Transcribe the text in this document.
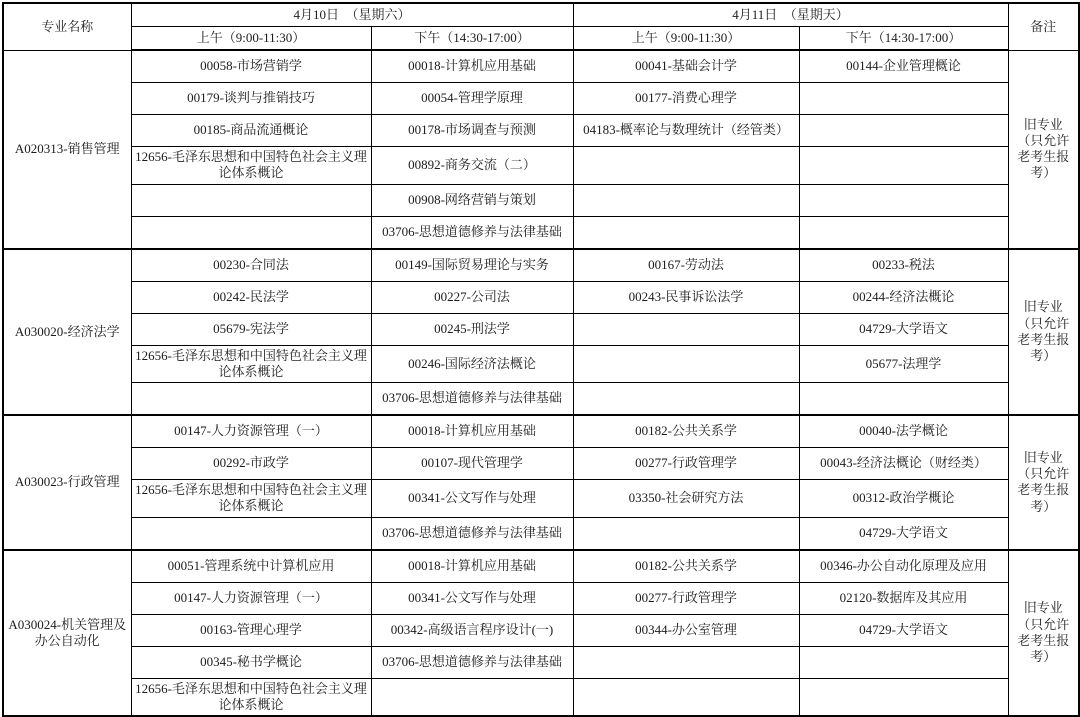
专业名称	4月10日　（星期六）		4月11日　（星期天）		备注
	上午（9:00-11:30）	下午（14:30-17:00）	上午（9:00-11:30）	下午（14:30-17:00）	
A020313-销售管理	00058-市场营销学	00018-计算机应用基础	00041-基础会计学	00144-企业管理概论	旧专业（只允许老考生报考）
	00179-谈判与推销技巧	00054-管理学原理	00177-消费心理学		
	00185-商品流通概论	00178-市场调查与预测	04183-概率论与数理统计（经管类）		
	12656-毛泽东思想和中国特色社会主义理论体系概论	00892-商务交流（二）			
		00908-网络营销与策划			
		03706-思想道德修养与法律基础			
A030020-经济法学	00230-合同法	00149-国际贸易理论与实务	00167-劳动法	00233-税法	旧专业（只允许老考生报考）
	00242-民法学	00227-公司法	00243-民事诉讼法学	00244-经济法概论	
	05679-宪法学	00245-刑法学		04729-大学语文	
	12656-毛泽东思想和中国特色社会主义理论体系概论	00246-国际经济法概论		05677-法理学	
		03706-思想道德修养与法律基础			
A030023-行政管理	00147-人力资源管理（一）	00018-计算机应用基础	00182-公共关系学	00040-法学概论	旧专业（只允许老考生报考）
	00292-市政学	00107-现代管理学	00277-行政管理学	00043-经济法概论（财经类）	
	12656-毛泽东思想和中国特色社会主义理论体系概论	00341-公文写作与处理	03350-社会研究方法	00312-政治学概论	
		03706-思想道德修养与法律基础		04729-大学语文	
A030024-机关管理及办公自动化	00051-管理系统中计算机应用	00018-计算机应用基础	00182-公共关系学	00346-办公自动化原理及应用	旧专业（只允许老考生报考）
	00147-人力资源管理（一）	00341-公文写作与处理	00277-行政管理学	02120-数据库及其应用	
	00163-管理心理学	00342-高级语言程序设计(一)	00344-办公室管理	04729-大学语文	
	00345-秘书学概论	03706-思想道德修养与法律基础			
	12656-毛泽东思想和中国特色社会主义理论体系概论				
